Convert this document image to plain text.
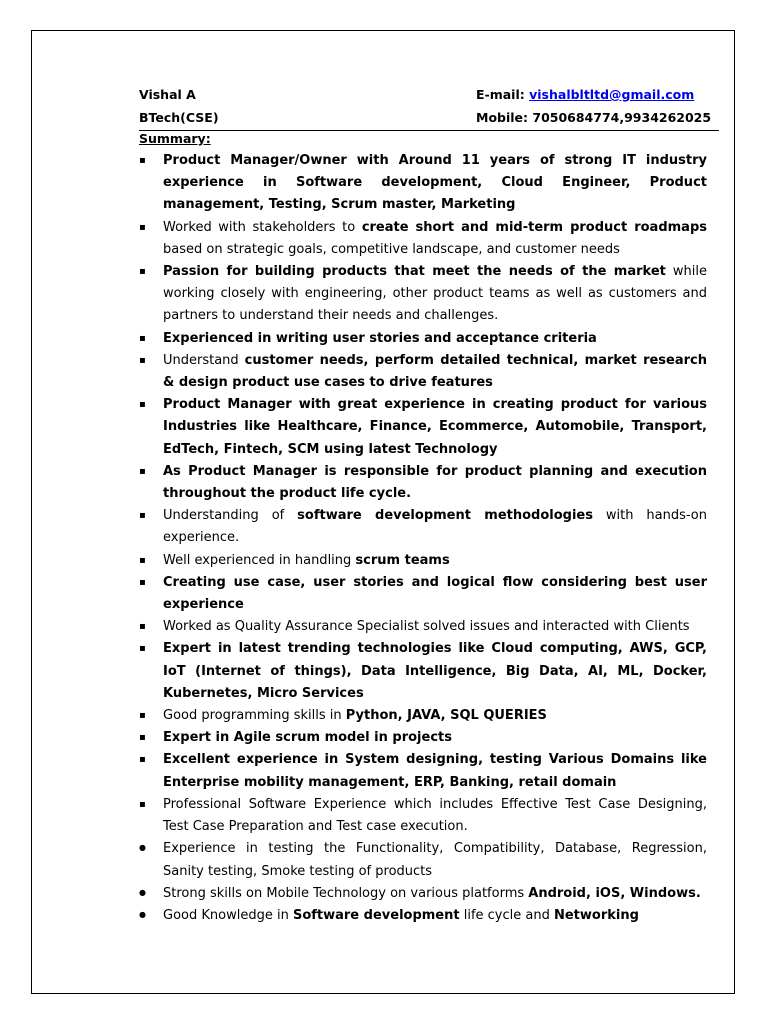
Vishal A	E-mail: vishalbltltd@gmail.com
BTech(CSE)	Mobile: 7050684774,9934262025
Summary:
▪
Product Manager/Owner with Around 11 years of strong IT industry experience in Software development, Cloud Engineer, Product management, Testing, Scrum master, Marketing
▪
Worked with stakeholders to create short and mid-term product roadmaps based on strategic goals, competitive landscape, and customer needs
▪
Passion for building products that meet the needs of the market while working closely with engineering, other product teams as well as customers and partners to understand their needs and challenges.
▪
Experienced in writing user stories and acceptance criteria
▪
Understand customer needs, perform detailed technical, market research & design product use cases to drive features
▪
Product Manager with great experience in creating product for various Industries like Healthcare, Finance, Ecommerce, Automobile, Transport, EdTech, Fintech, SCM using latest Technology
▪
As Product Manager is responsible for product planning and execution throughout the product life cycle.
▪
Understanding of software development methodologies with hands-on experience.
▪
Well experienced in handling scrum teams
▪
Creating use case, user stories and logical flow considering best user experience
▪
Worked as Quality Assurance Specialist solved issues and interacted with Clients
▪
Expert in latest trending technologies like Cloud computing, AWS, GCP, IoT (Internet of things), Data Intelligence, Big Data, AI, ML, Docker, Kubernetes, Micro Services
▪
Good programming skills in Python, JAVA, SQL QUERIES
▪
Expert in Agile scrum model in projects
▪
Excellent experience in System designing, testing Various Domains like Enterprise mobility management, ERP, Banking, retail domain
▪
Professional Software Experience which includes Effective Test Case Designing, Test Case Preparation and Test case execution.
●
Experience in testing the Functionality, Compatibility, Database, Regression, Sanity testing, Smoke testing of products
●
Strong skills on Mobile Technology on various platforms Android, iOS, Windows.
●
Good Knowledge in Software development life cycle and Networking
